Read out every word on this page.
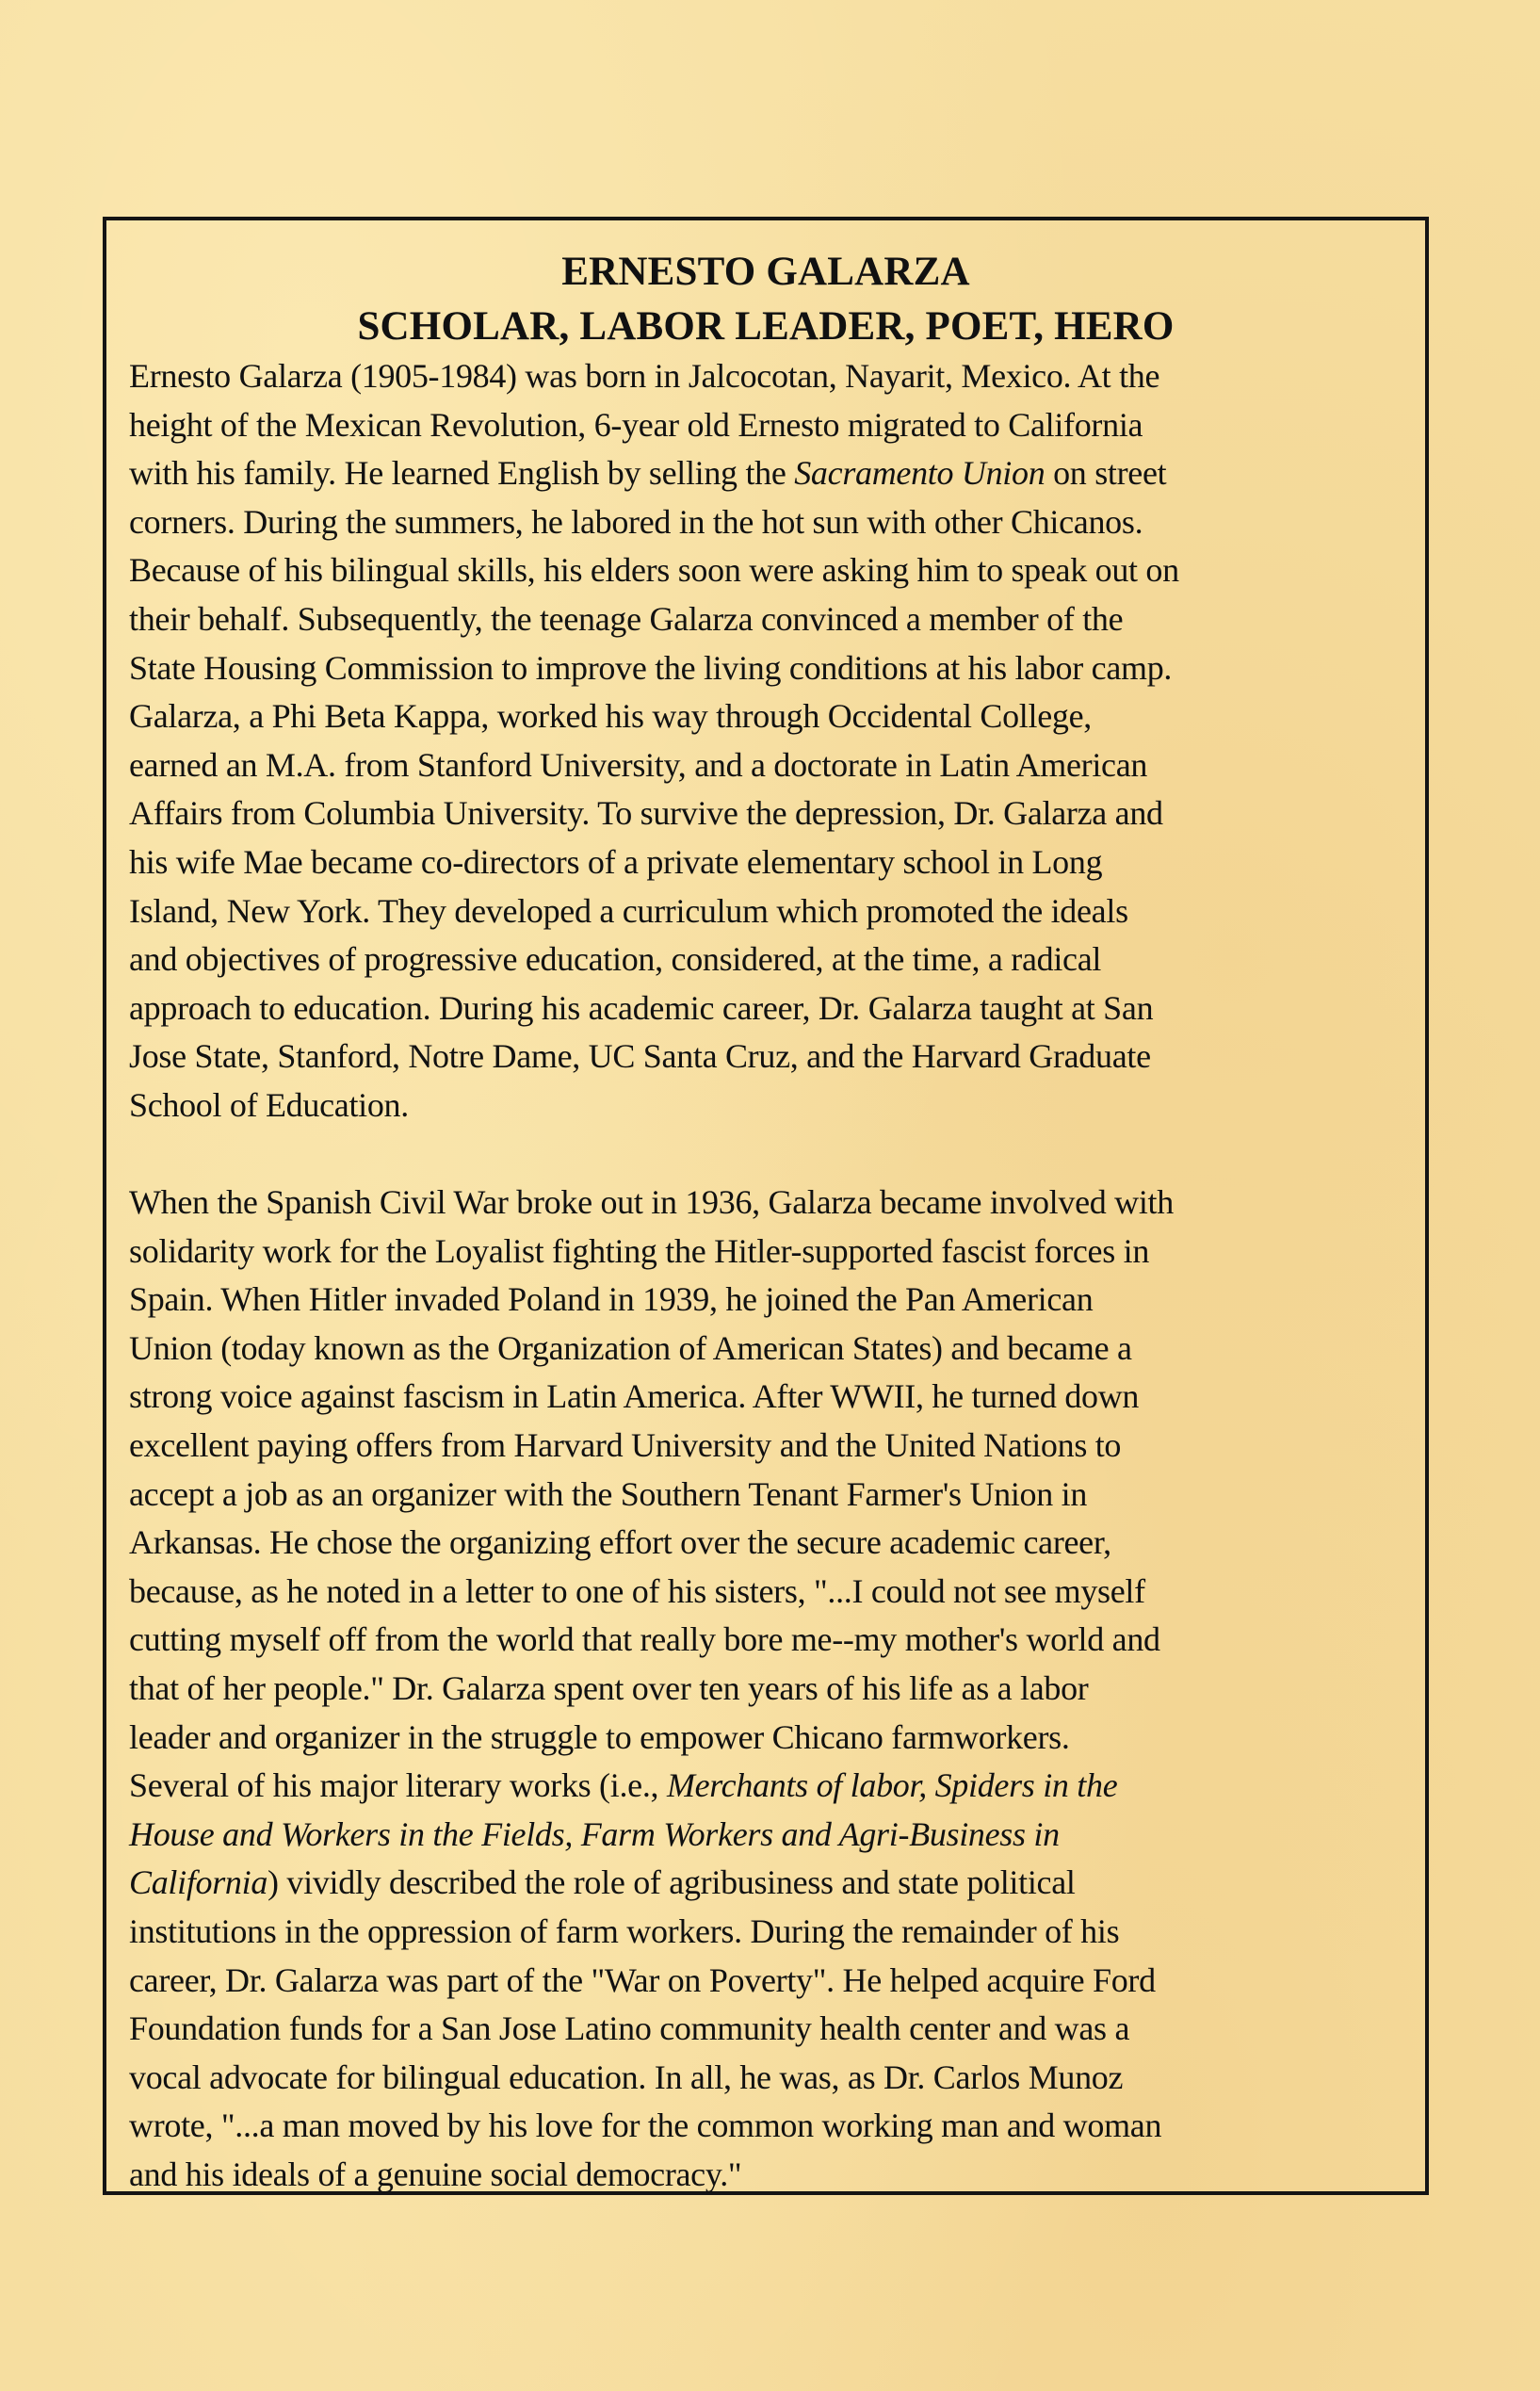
ERNESTO GALARZA
SCHOLAR, LABOR LEADER, POET, HERO
Ernesto Galarza (1905-1984) was born in Jalcocotan, Nayarit, Mexico. At the
height of the Mexican Revolution, 6-year old Ernesto migrated to California
with his family. He learned English by selling the Sacramento Union on street
corners. During the summers, he labored in the hot sun with other Chicanos.
Because of his bilingual skills, his elders soon were asking him to speak out on
their behalf. Subsequently, the teenage Galarza convinced a member of the
State Housing Commission to improve the living conditions at his labor camp.
Galarza, a Phi Beta Kappa, worked his way through Occidental College,
earned an M.A. from Stanford University, and a doctorate in Latin American
Affairs from Columbia University. To survive the depression, Dr. Galarza and
his wife Mae became co-directors of a private elementary school in Long
Island, New York. They developed a curriculum which promoted the ideals
and objectives of progressive education, considered, at the time, a radical
approach to education. During his academic career, Dr. Galarza taught at San
Jose State, Stanford, Notre Dame, UC Santa Cruz, and the Harvard Graduate
School of Education.
When the Spanish Civil War broke out in 1936, Galarza became involved with
solidarity work for the Loyalist fighting the Hitler-supported fascist forces in
Spain. When Hitler invaded Poland in 1939, he joined the Pan American
Union (today known as the Organization of American States) and became a
strong voice against fascism in Latin America. After WWII, he turned down
excellent paying offers from Harvard University and the United Nations to
accept a job as an organizer with the Southern Tenant Farmer's Union in
Arkansas. He chose the organizing effort over the secure academic career,
because, as he noted in a letter to one of his sisters, "...I could not see myself
cutting myself off from the world that really bore me--my mother's world and
that of her people." Dr. Galarza spent over ten years of his life as a labor
leader and organizer in the struggle to empower Chicano farmworkers.
Several of his major literary works (i.e., Merchants of labor, Spiders in the
House and Workers in the Fields, Farm Workers and Agri-Business in
California) vividly described the role of agribusiness and state political
institutions in the oppression of farm workers. During the remainder of his
career, Dr. Galarza was part of the "War on Poverty". He helped acquire Ford
Foundation funds for a San Jose Latino community health center and was a
vocal advocate for bilingual education. In all, he was, as Dr. Carlos Munoz
wrote, "...a man moved by his love for the common working man and woman
and his ideals of a genuine social democracy."
